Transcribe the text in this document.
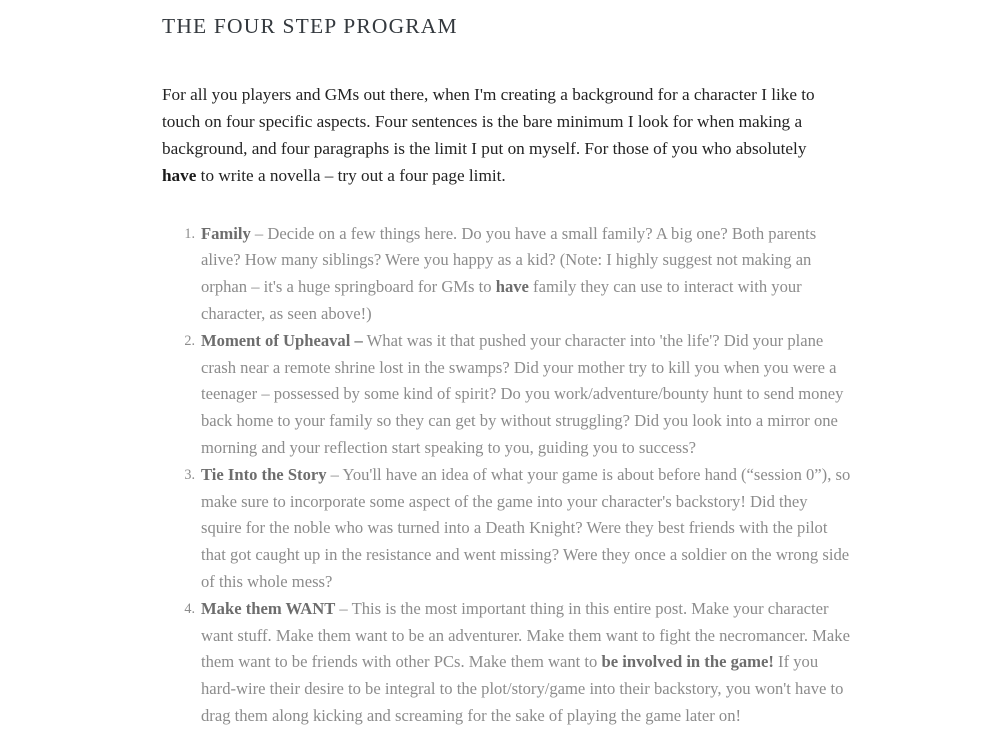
THE FOUR STEP PROGRAM

For all you players and GMs out there, when I'm creating a background for a character I like to touch on four specific aspects. Four sentences is the bare minimum I look for when making a background, and four paragraphs is the limit I put on myself. For those of you who absolutely have to write a novella – try out a four page limit.

Family – Decide on a few things here. Do you have a small family? A big one? Both parents alive? How many siblings? Were you happy as a kid? (Note: I highly suggest not making an orphan – it's a huge springboard for GMs to have family they can use to interact with your character, as seen above!)
Moment of Upheaval – What was it that pushed your character into 'the life'? Did your plane crash near a remote shrine lost in the swamps? Did your mother try to kill you when you were a teenager – possessed by some kind of spirit? Do you work/adventure/bounty hunt to send money back home to your family so they can get by without struggling? Did you look into a mirror one morning and your reflection start speaking to you, guiding you to success?
Tie Into the Story – You'll have an idea of what your game is about before hand (“session 0”), so make sure to incorporate some aspect of the game into your character's backstory! Did they squire for the noble who was turned into a Death Knight? Were they best friends with the pilot that got caught up in the resistance and went missing? Were they once a soldier on the wrong side of this whole mess?
Make them WANT – This is the most important thing in this entire post. Make your character want stuff. Make them want to be an adventurer. Make them want to fight the necromancer. Make them want to be friends with other PCs. Make them want to be involved in the game! If you hard-wire their desire to be integral to the plot/story/game into their backstory, you won't have to drag them along kicking and screaming for the sake of playing the game later on!
